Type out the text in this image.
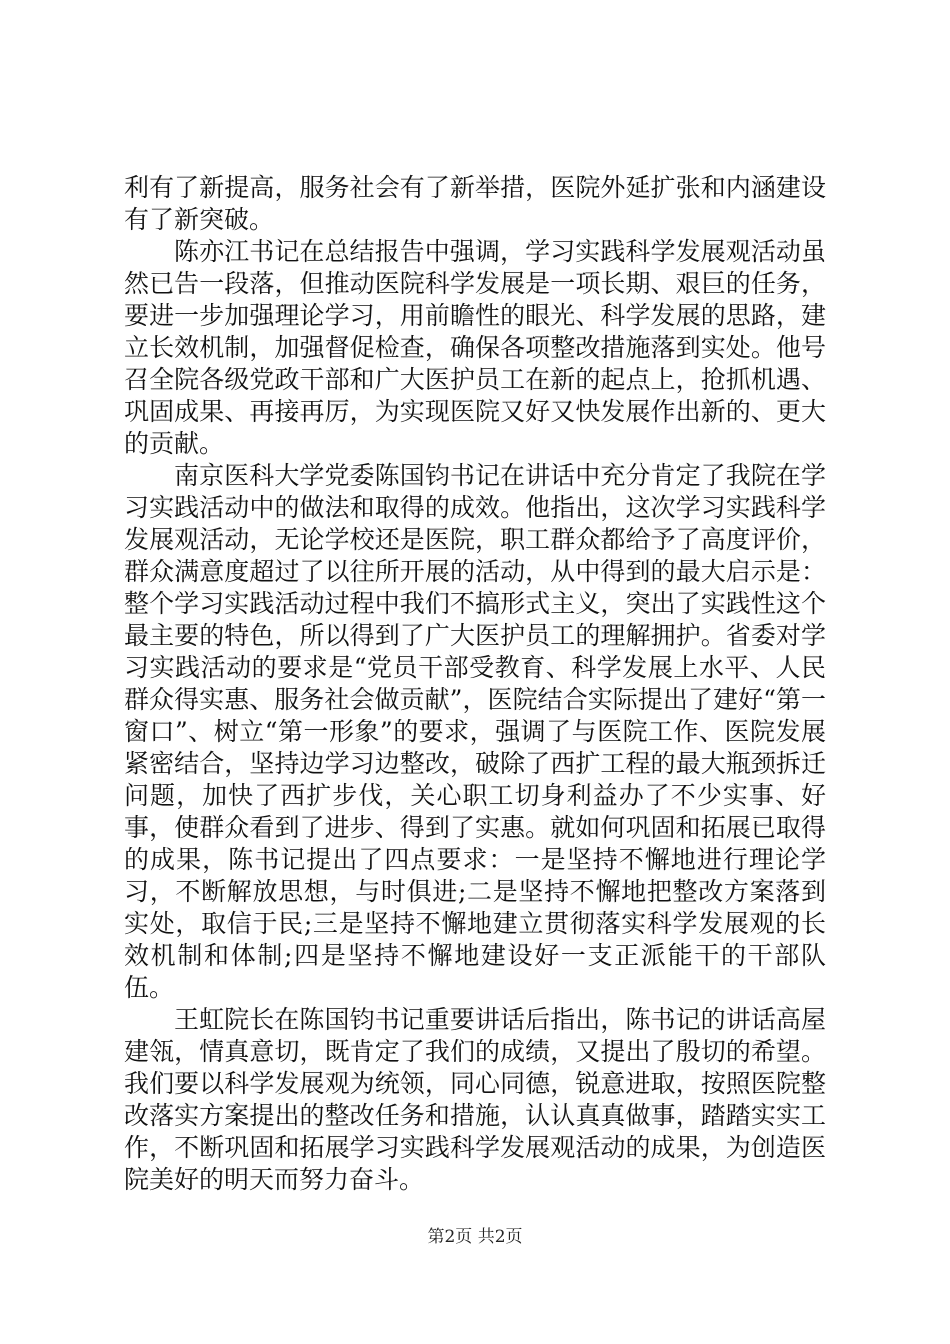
利有了新提高，服务社会有了新举措，医院外延扩张和内涵建设有了新突破。

陈亦江书记在总结报告中强调，学习实践科学发展观活动虽然已告一段落，但推动医院科学发展是一项长期、艰巨的任务，要进一步加强理论学习，用前瞻性的眼光、科学发展的思路，建立长效机制，加强督促检查，确保各项整改措施落到实处。他号召全院各级党政干部和广大医护员工在新的起点上，抢抓机遇、巩固成果、再接再厉，为实现医院又好又快发展作出新的、更大的贡献。

南京医科大学党委陈国钧书记在讲话中充分肯定了我院在学习实践活动中的做法和取得的成效。他指出，这次学习实践科学发展观活动，无论学校还是医院，职工群众都给予了高度评价，群众满意度超过了以往所开展的活动，从中得到的最大启示是：整个学习实践活动过程中我们不搞形式主义，突出了实践性这个最主要的特色，所以得到了广大医护员工的理解拥护。省委对学习实践活动的要求是“党员干部受教育、科学发展上水平、人民群众得实惠、服务社会做贡献”，医院结合实际提出了建好“第一窗口”、树立“第一形象”的要求，强调了与医院工作、医院发展紧密结合，坚持边学习边整改，破除了西扩工程的最大瓶颈拆迁问题，加快了西扩步伐，关心职工切身利益办了不少实事、好事，使群众看到了进步、得到了实惠。就如何巩固和拓展已取得的成果，陈书记提出了四点要求：一是坚持不懈地进行理论学习，不断解放思想，与时俱进;二是坚持不懈地把整改方案落到实处，取信于民;三是坚持不懈地建立贯彻落实科学发展观的长效机制和体制;四是坚持不懈地建设好一支正派能干的干部队伍。

王虹院长在陈国钧书记重要讲话后指出，陈书记的讲话高屋建瓴，情真意切，既肯定了我们的成绩，又提出了殷切的希望。我们要以科学发展观为统领，同心同德，锐意进取，按照医院整改落实方案提出的整改任务和措施，认认真真做事，踏踏实实工作，不断巩固和拓展学习实践科学发展观活动的成果，为创造医院美好的明天而努力奋斗。

第2页 共2页
